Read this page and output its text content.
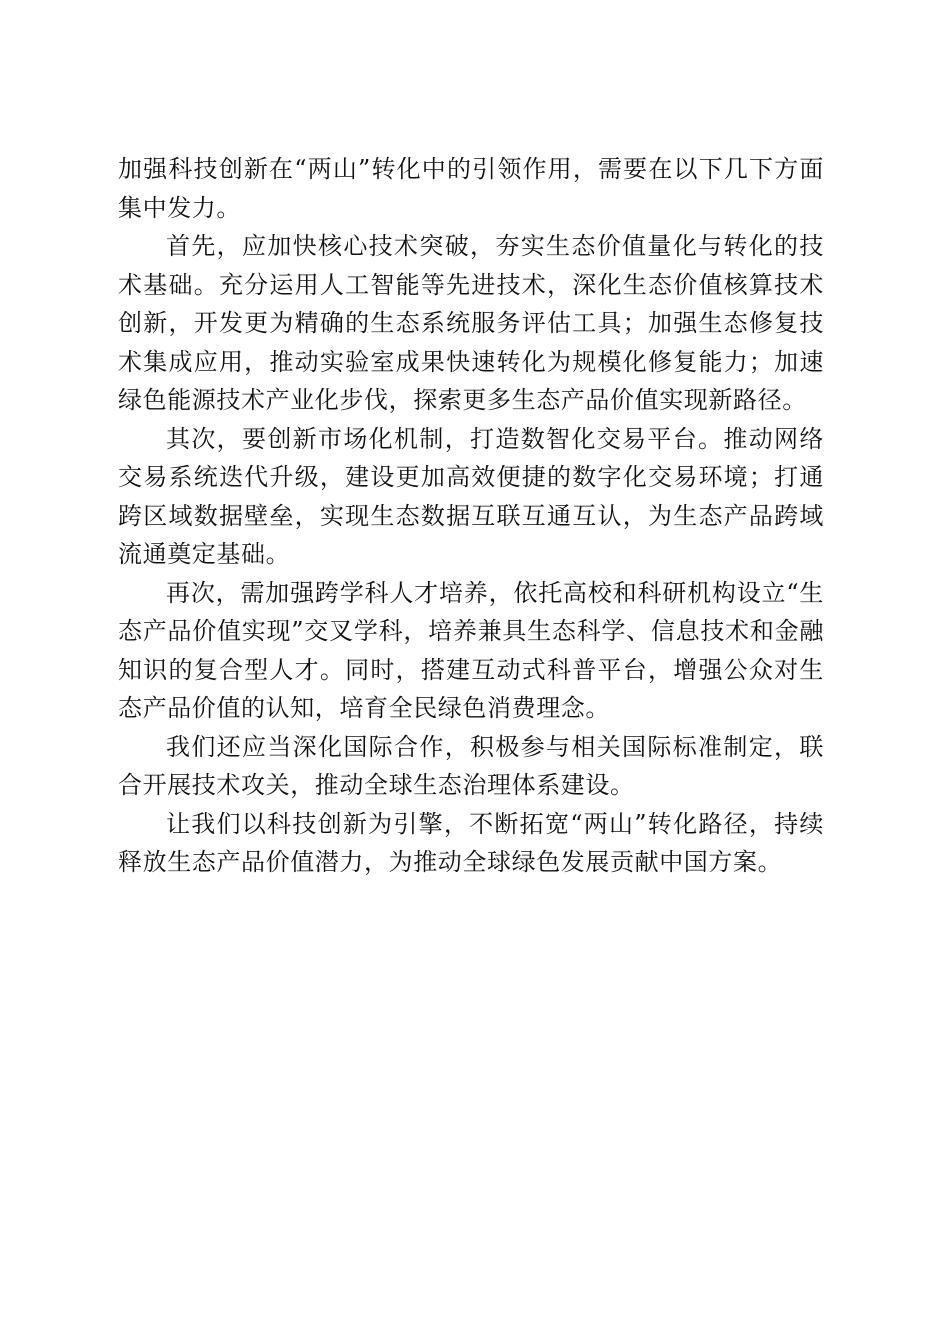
加强科技创新在“两山”转化中的引领作用，需要在以下几下方面集中发力。

首先，应加快核心技术突破，夯实生态价值量化与转化的技术基础。充分运用人工智能等先进技术，深化生态价值核算技术创新，开发更为精确的生态系统服务评估工具；加强生态修复技术集成应用，推动实验室成果快速转化为规模化修复能力；加速绿色能源技术产业化步伐，探索更多生态产品价值实现新路径。

其次，要创新市场化机制，打造数智化交易平台。推动网络交易系统迭代升级，建设更加高效便捷的数字化交易环境；打通跨区域数据壁垒，实现生态数据互联互通互认，为生态产品跨域流通奠定基础。

再次，需加强跨学科人才培养，依托高校和科研机构设立“生态产品价值实现”交叉学科，培养兼具生态科学、信息技术和金融知识的复合型人才。同时，搭建互动式科普平台，增强公众对生态产品价值的认知，培育全民绿色消费理念。

我们还应当深化国际合作，积极参与相关国际标准制定，联合开展技术攻关，推动全球生态治理体系建设。

让我们以科技创新为引擎，不断拓宽“两山”转化路径，持续释放生态产品价值潜力，为推动全球绿色发展贡献中国方案。
